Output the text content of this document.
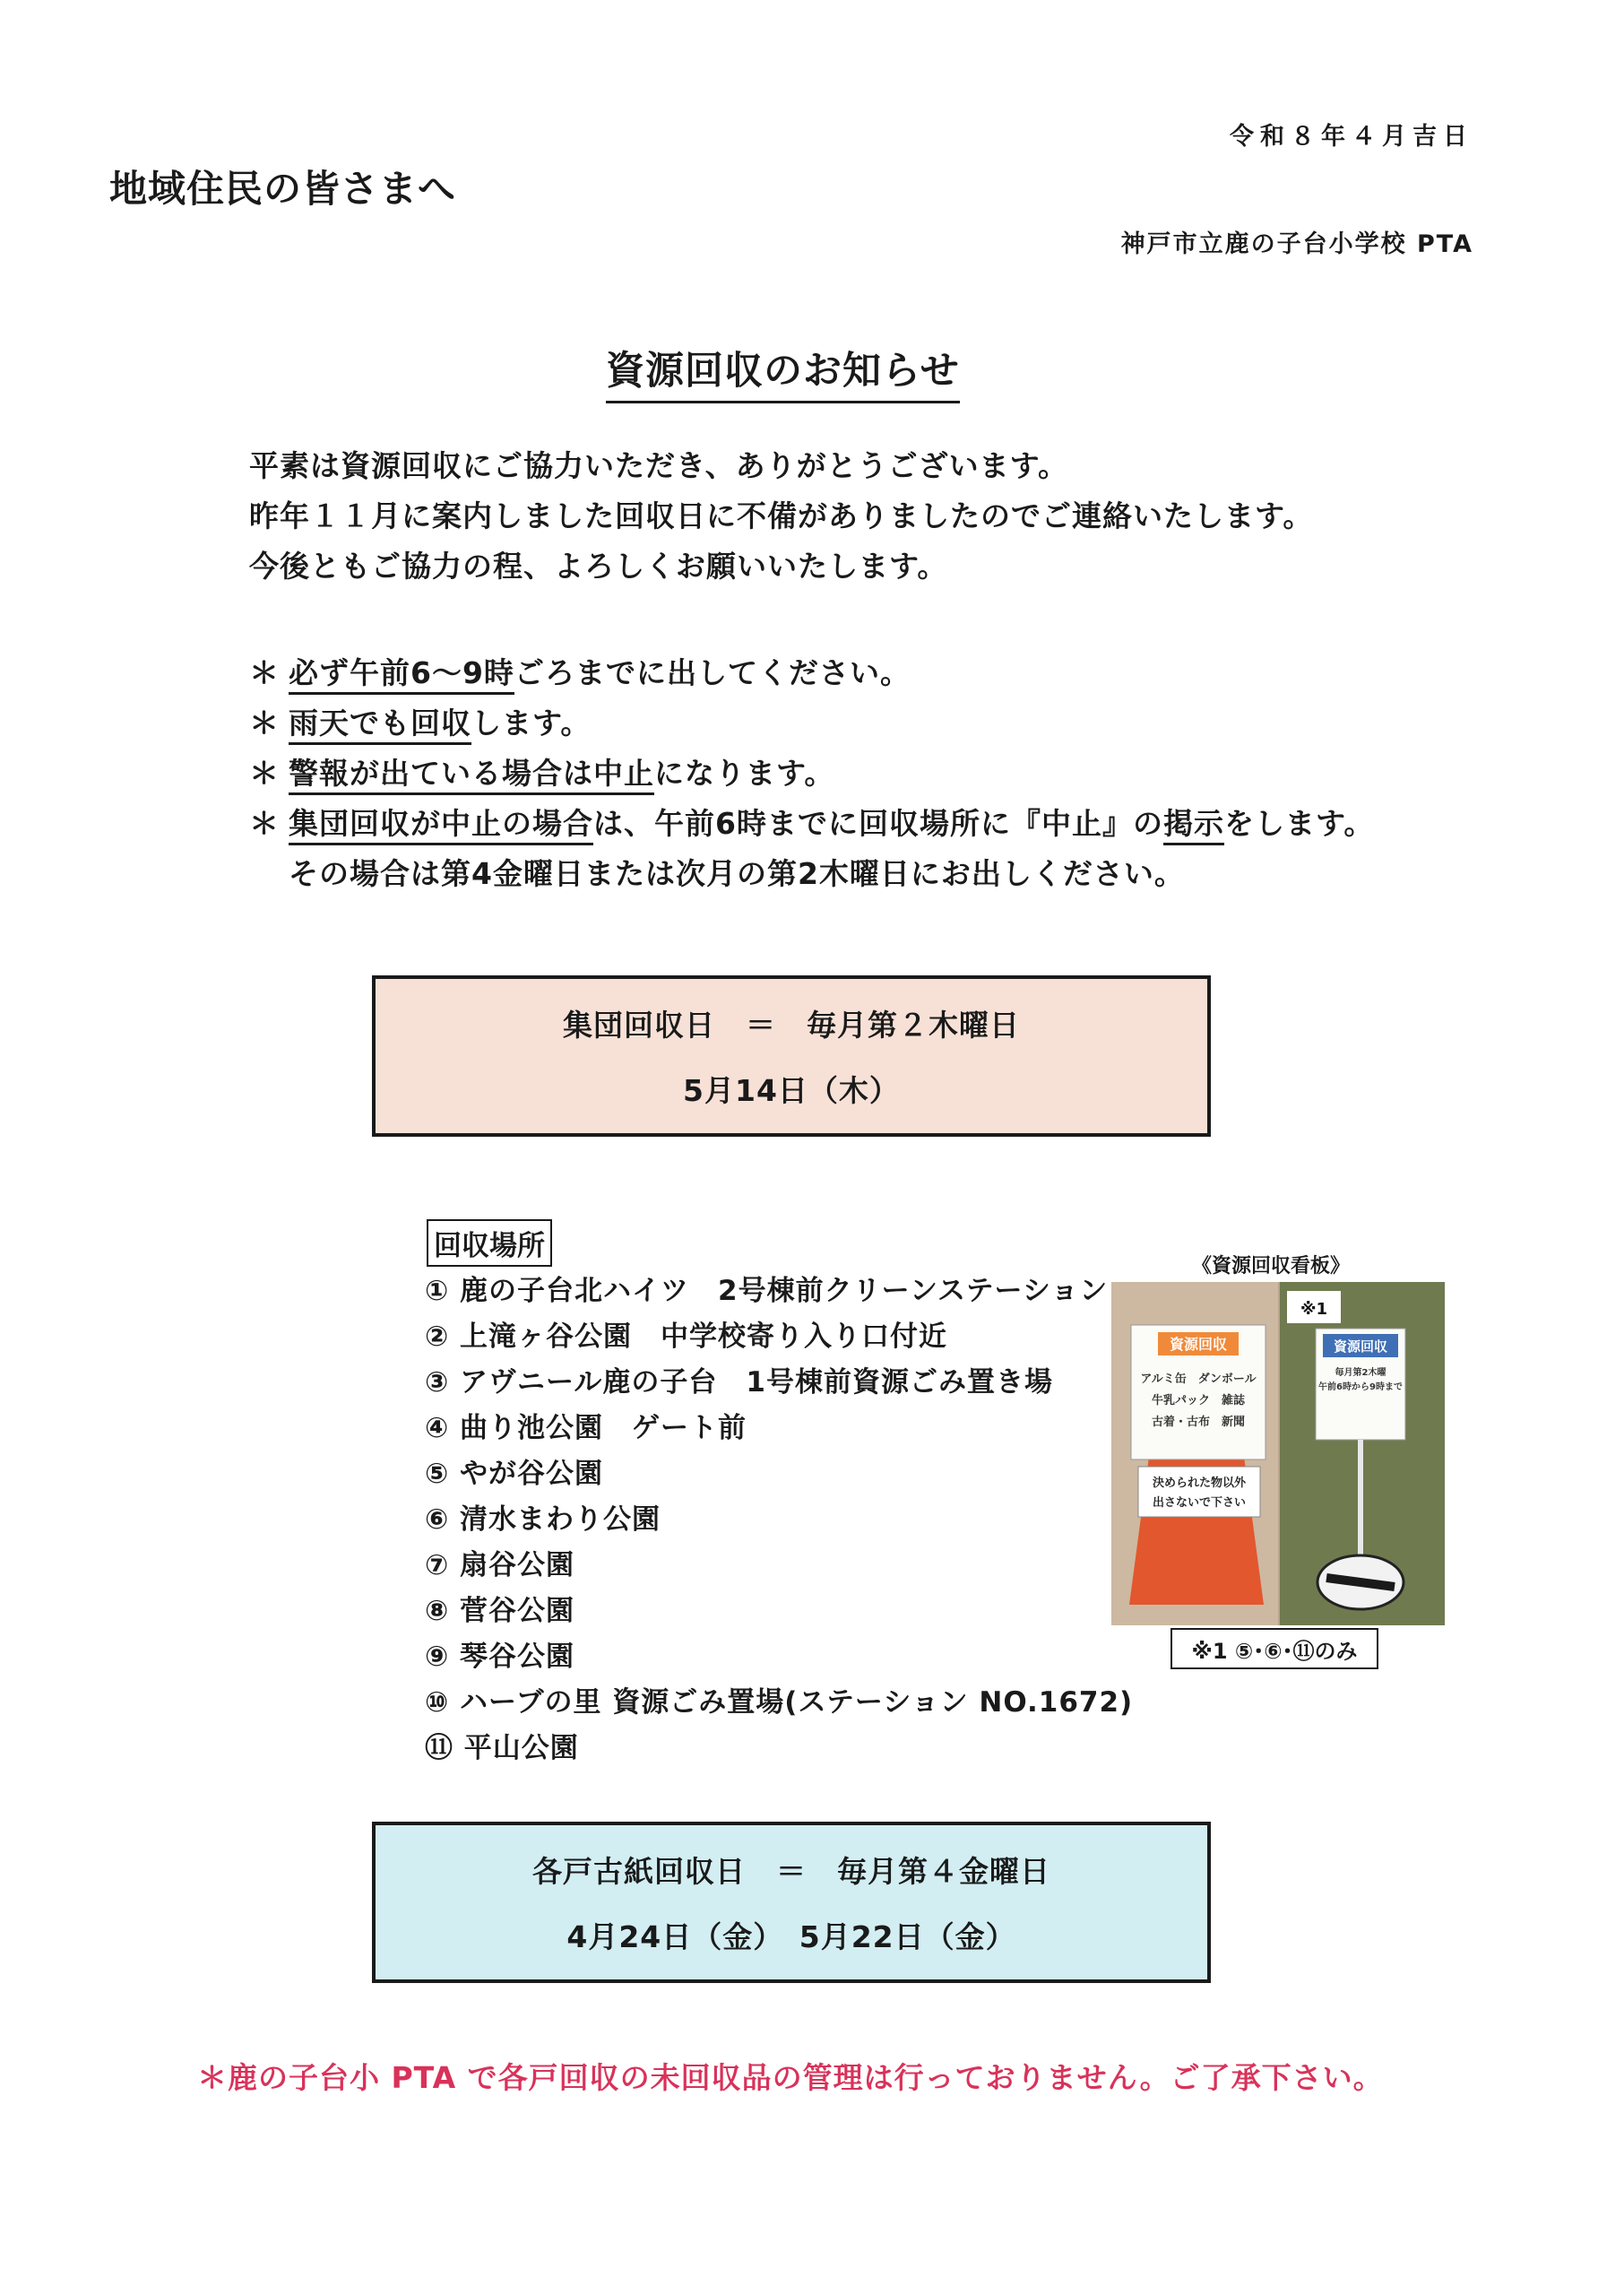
令和８年４月吉日
地域住民の皆さまへ
神戸市立鹿の子台小学校 PTA
資源回収のお知らせ
平素は資源回収にご協力いただき、ありがとうございます。
昨年１１月に案内しました回収日に不備がありましたのでご連絡いたします。
今後ともご協力の程、よろしくお願いいたします。
＊ 必ず午前6～9時ごろまでに出してください。
＊ 雨天でも回収します。
＊ 警報が出ている場合は中止になります。
＊ 集団回収が中止の場合は、午前6時までに回収場所に『中止』の掲示をします。
その場合は第4金曜日または次月の第2木曜日にお出しください。
集団回収日　＝　毎月第２木曜日
5月14日（木）
回収場所
① 鹿の子台北ハイツ　2号棟前クリーンステーション
② 上滝ヶ谷公園　中学校寄り入り口付近
③ アヴニール鹿の子台　1号棟前資源ごみ置き場
④ 曲り池公園　ゲート前
⑤ やが谷公園
⑥ 清水まわり公園
⑦ 扇谷公園
⑧ 菅谷公園
⑨ 琴谷公園
⑩ ハーブの里 資源ごみ置場(ステーション NO.1672)
⑪ 平山公園
《資源回収看板》
資源回収
アルミ缶　ダンボール
牛乳パック　雑誌
古着・古布　新聞
決められた物以外
出さないで下さい
※1
資源回収
毎月第2木曜
午前6時から9時まで
※1 ⑤･⑥･⑪のみ
各戸古紙回収日　＝　毎月第４金曜日
4月24日（金）　5月22日（金）
＊鹿の子台小 PTA で各戸回収の未回収品の管理は行っておりません。ご了承下さい。
